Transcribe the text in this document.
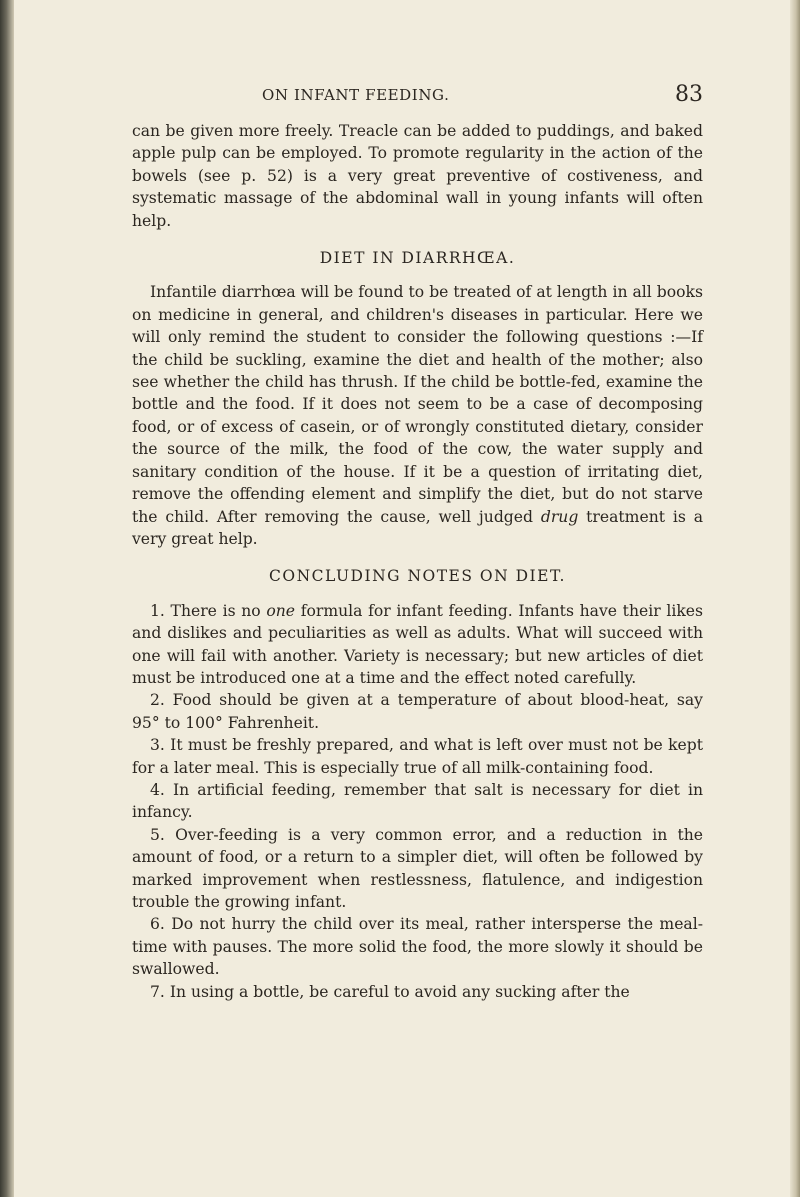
ON INFANT FEEDING.	83

can be given more freely. Treacle can be added to puddings, and baked apple pulp can be employed. To promote regularity in the action of the bowels (see p. 52) is a very great preventive of costiveness, and systematic massage of the abdominal wall in young infants will often help.

DIET IN DIARRHŒA.

Infantile diarrhœa will be found to be treated of at length in all books on medicine in general, and children's diseases in particular. Here we will only remind the student to consider the following questions :—If the child be suckling, examine the diet and health of the mother; also see whether the child has thrush. If the child be bottle-fed, examine the bottle and the food. If it does not seem to be a case of decomposing food, or of excess of casein, or of wrongly constituted dietary, consider the source of the milk, the food of the cow, the water supply and sanitary condition of the house. If it be a question of irritating diet, remove the offending element and simplify the diet, but do not starve the child. After removing the cause, well judged drug treatment is a very great help.

CONCLUDING NOTES ON DIET.

1. There is no one formula for infant feeding. Infants have their likes and dislikes and peculiarities as well as adults. What will succeed with one will fail with another. Variety is necessary; but new articles of diet must be introduced one at a time and the effect noted carefully.

2. Food should be given at a temperature of about blood-heat, say 95° to 100° Fahrenheit.

3. It must be freshly prepared, and what is left over must not be kept for a later meal. This is especially true of all milk-containing food.

4. In artificial feeding, remember that salt is necessary for diet in infancy.

5. Over-feeding is a very common error, and a reduction in the amount of food, or a return to a simpler diet, will often be followed by marked improvement when restlessness, flatulence, and indigestion trouble the growing infant.

6. Do not hurry the child over its meal, rather intersperse the meal-time with pauses. The more solid the food, the more slowly it should be swallowed.

7. In using a bottle, be careful to avoid any sucking after the
